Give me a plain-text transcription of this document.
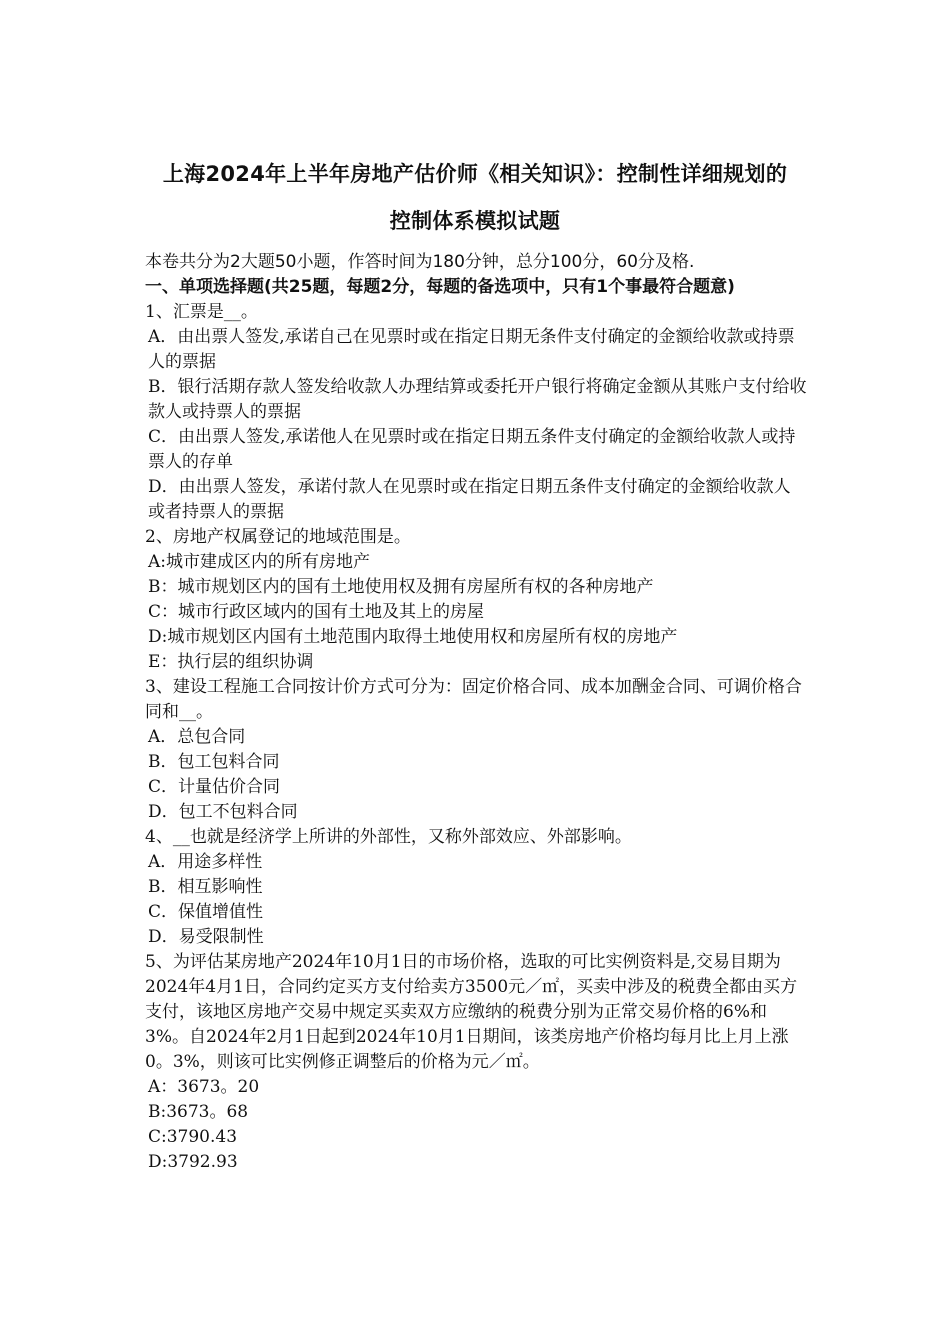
上海2024年上半年房地产估价师《相关知识》：控制性详细规划的
控制体系模拟试题
本卷共分为2大题50小题，作答时间为180分钟，总分100分，60分及格.
一、单项选择题(共25题，每题2分，每题的备选项中，只有1个事最符合题意)
1、汇票是__。
A．由出票人签发,承诺自己在见票时或在指定日期无条件支付确定的金额给收款或持票人的票据
B．银行活期存款人签发给收款人办理结算或委托开户银行将确定金额从其账户支付给收款人或持票人的票据
C．由出票人签发,承诺他人在见票时或在指定日期五条件支付确定的金额给收款人或持票人的存单
D．由出票人签发，承诺付款人在见票时或在指定日期五条件支付确定的金额给收款人或者持票人的票据
2、房地产权属登记的地域范围是。
A:城市建成区内的所有房地产
B：城市规划区内的国有土地使用权及拥有房屋所有权的各种房地产
C：城市行政区域内的国有土地及其上的房屋
D:城市规划区内国有土地范围内取得土地使用权和房屋所有权的房地产
E：执行层的组织协调
3、建设工程施工合同按计价方式可分为：固定价格合同、成本加酬金合同、可调价格合同和__。
A．总包合同
B．包工包料合同
C．计量估价合同
D．包工不包料合同
4、__也就是经济学上所讲的外部性，又称外部效应、外部影响。
A．用途多样性
B．相互影响性
C．保值增值性
D．易受限制性
5、为评估某房地产2024年10月1日的市场价格，选取的可比实例资料是,交易目期为2024年4月1日，合同约定买方支付给卖方3500元／㎡，买卖中涉及的税费全都由买方支付，该地区房地产交易中规定买卖双方应缴纳的税费分别为正常交易价格的6%和3%。自2024年2月1日起到2024年10月1日期间，该类房地产价格均每月比上月上涨0。3%，则该可比实例修正调整后的价格为元／㎡。
A：3673。20
B:3673。68
C:3790.43
D:3792.93
